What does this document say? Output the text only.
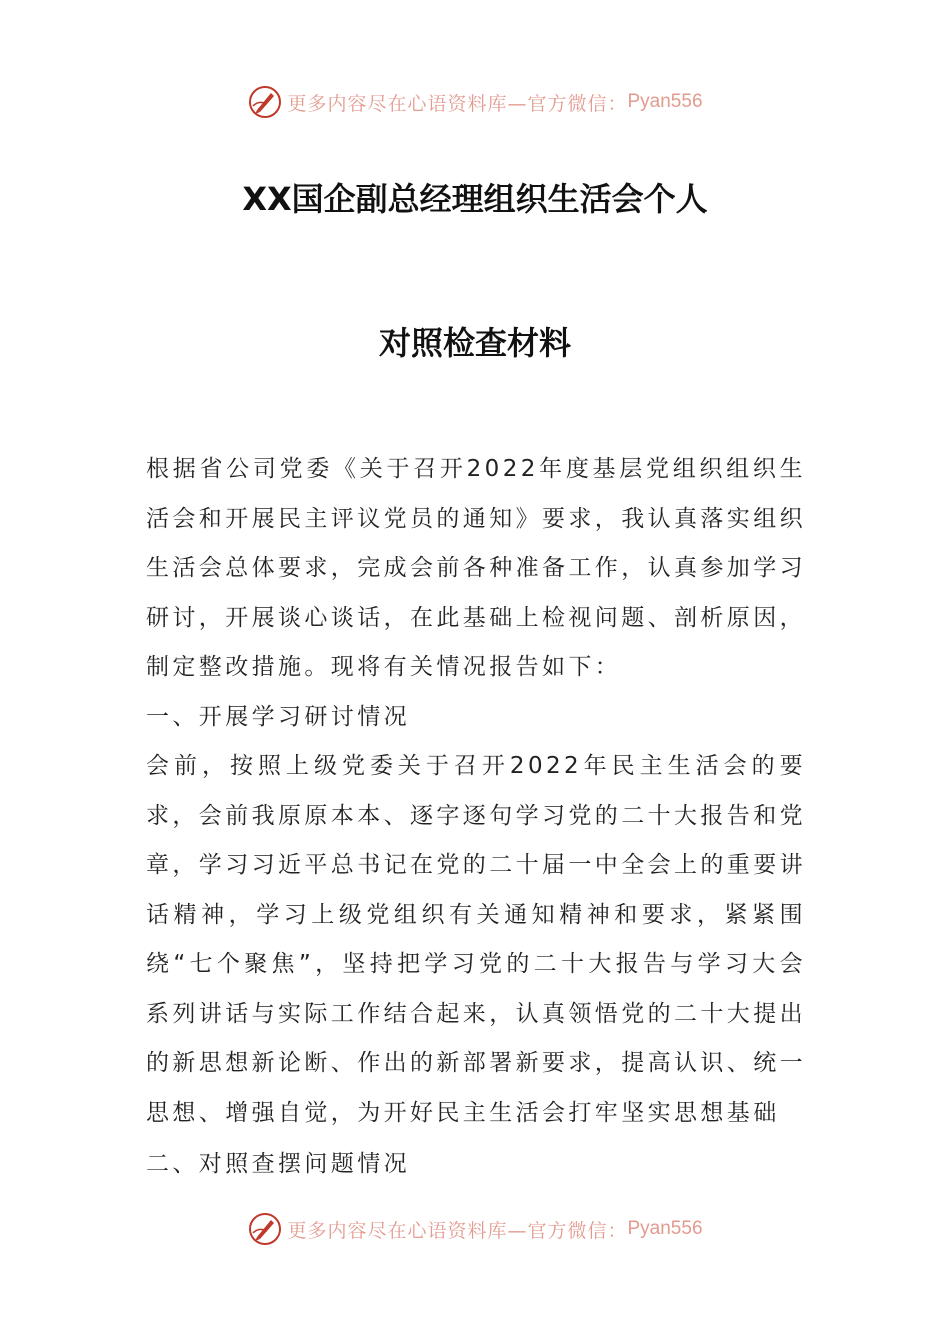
更多内容尽在心语资料库—官方微信： Pyan556
XX国企副总经理组织生活会个人
对照检查材料

根据省公司党委《关于召开2022年度基层党组织组织生活会和开展民主评议党员的通知》要求，我认真落实组织生活会总体要求，完成会前各种准备工作，认真参加学习研讨，开展谈心谈话，在此基础上检视问题、剖析原因，制定整改措施。现将有关情况报告如下：

一、开展学习研讨情况

会前，按照上级党委关于召开2022年民主生活会的要求，会前我原原本本、逐字逐句学习党的二十大报告和党章，学习习近平总书记在党的二十届一中全会上的重要讲话精神，学习上级党组织有关通知精神和要求，紧紧围绕“七个聚焦”，坚持把学习党的二十大报告与学习大会系列讲话与实际工作结合起来，认真领悟党的二十大提出的新思想新论断、作出的新部署新要求，提高认识、统一思想、增强自觉，为开好民主生活会打牢坚实思想基础

二、对照查摆问题情况

更多内容尽在心语资料库—官方微信： Pyan556
